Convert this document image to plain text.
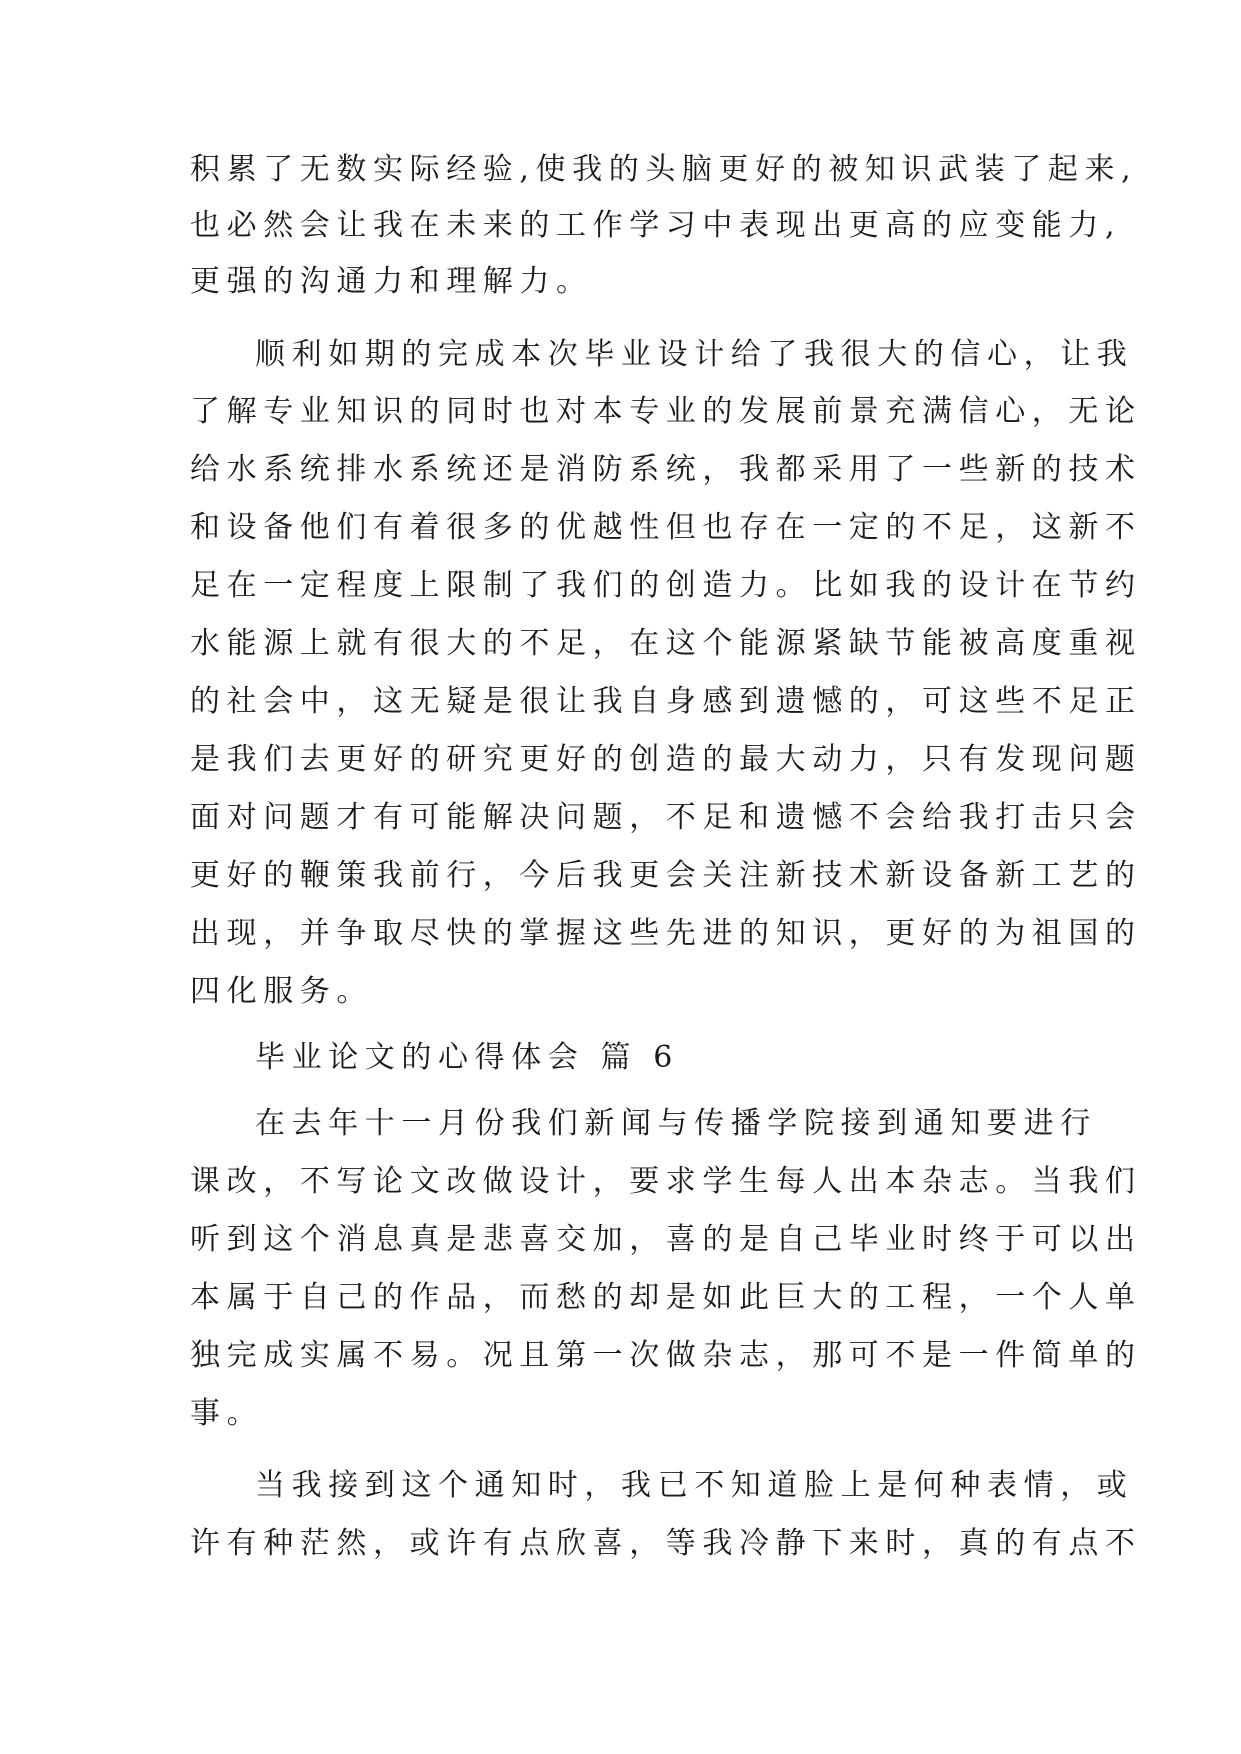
积累了无数实际经验,使我的头脑更好的被知识武装了起来,
也必然会让我在未来的工作学习中表现出更高的应变能力,
更强的沟通力和理解力。
顺利如期的完成本次毕业设计给了我很大的信心，让我
了解专业知识的同时也对本专业的发展前景充满信心，无论
给水系统排水系统还是消防系统，我都采用了一些新的技术
和设备他们有着很多的优越性但也存在一定的不足，这新不
足在一定程度上限制了我们的创造力。比如我的设计在节约
水能源上就有很大的不足，在这个能源紧缺节能被高度重视
的社会中，这无疑是很让我自身感到遗憾的，可这些不足正
是我们去更好的研究更好的创造的最大动力，只有发现问题
面对问题才有可能解决问题，不足和遗憾不会给我打击只会
更好的鞭策我前行，今后我更会关注新技术新设备新工艺的
出现，并争取尽快的掌握这些先进的知识，更好的为祖国的
四化服务。
毕业论文的心得体会 篇 6
在去年十一月份我们新闻与传播学院接到通知要进行
课改，不写论文改做设计，要求学生每人出本杂志。当我们
听到这个消息真是悲喜交加，喜的是自己毕业时终于可以出
本属于自己的作品，而愁的却是如此巨大的工程，一个人单
独完成实属不易。况且第一次做杂志，那可不是一件简单的
事。
当我接到这个通知时，我已不知道脸上是何种表情，或
许有种茫然，或许有点欣喜，等我冷静下来时，真的有点不
